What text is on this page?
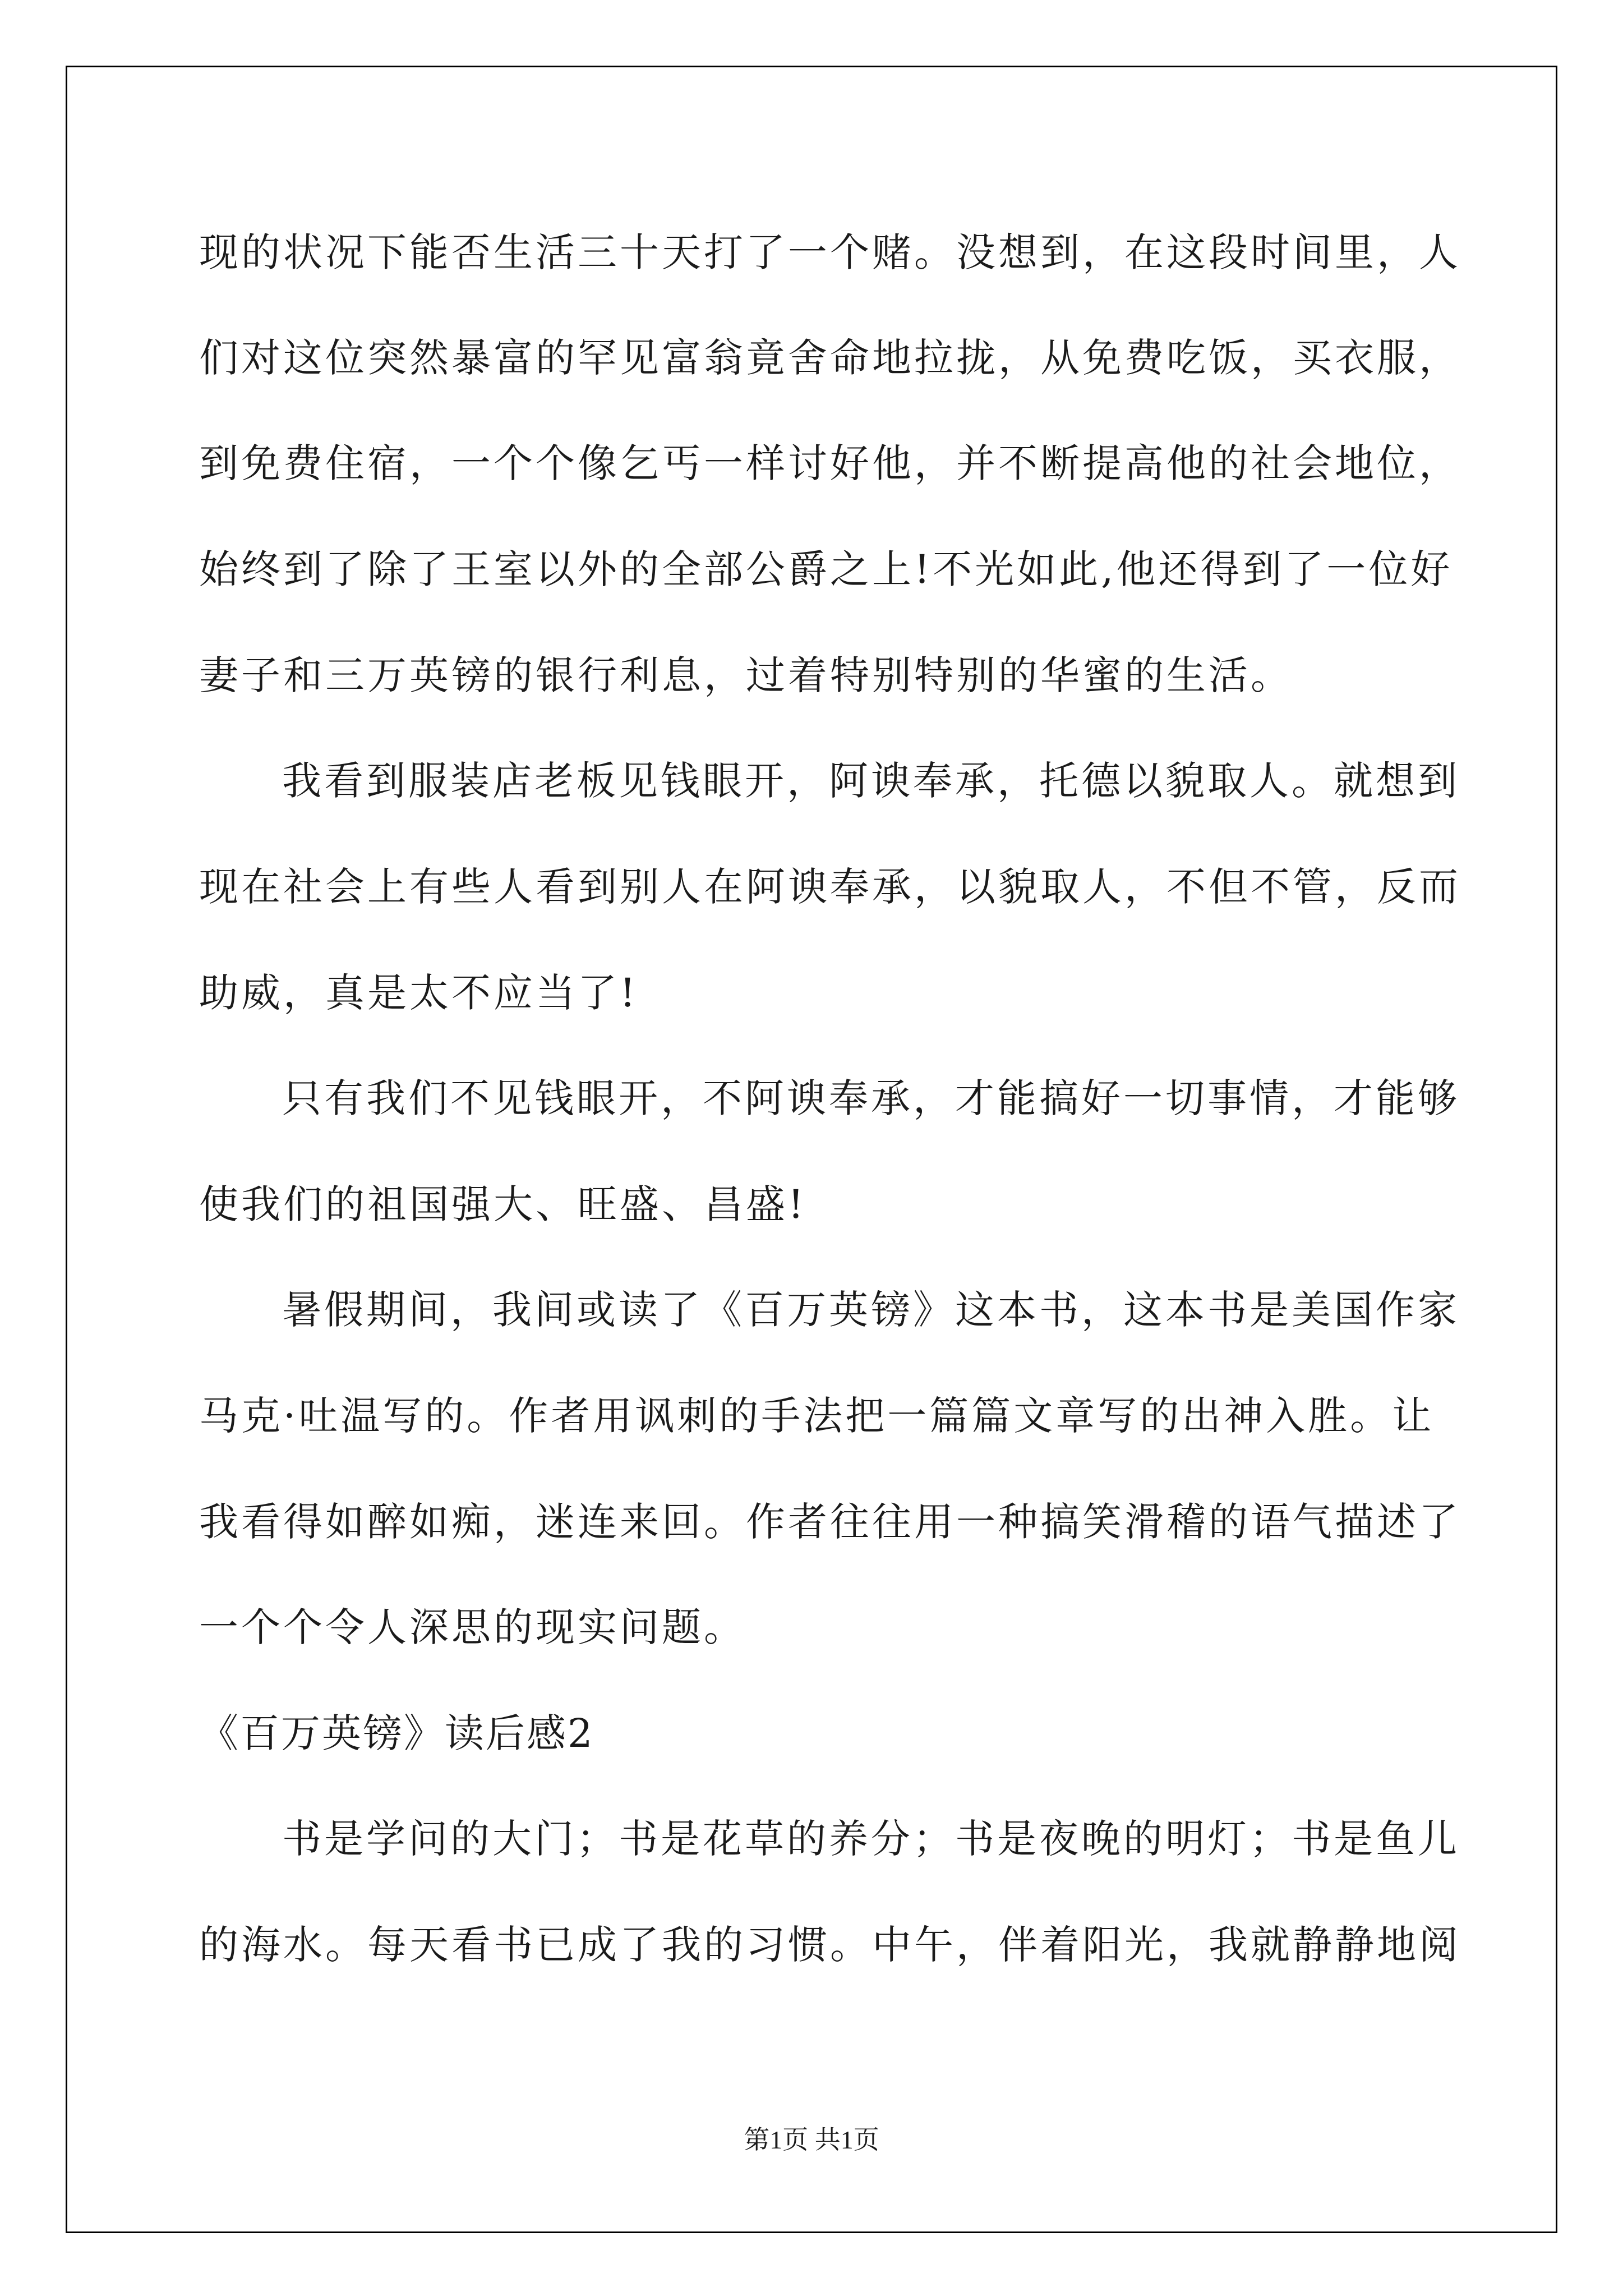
现的状况下能否生活三十天打了一个赌。没想到，在这段时间里，人
们对这位突然暴富的罕见富翁竟舍命地拉拢，从免费吃饭，买衣服，
到免费住宿，一个个像乞丐一样讨好他，并不断提高他的社会地位，
始终到了除了王室以外的全部公爵之上!不光如此,他还得到了一位好
妻子和三万英镑的银行利息，过着特别特别的华蜜的生活。
我看到服装店老板见钱眼开，阿谀奉承，托德以貌取人。就想到
现在社会上有些人看到别人在阿谀奉承，以貌取人，不但不管，反而
助威，真是太不应当了!
只有我们不见钱眼开，不阿谀奉承，才能搞好一切事情，才能够
使我们的祖国强大、旺盛、昌盛!
暑假期间，我间或读了《百万英镑》这本书，这本书是美国作家
马克·吐温写的。作者用讽刺的手法把一篇篇文章写的出神入胜。让
我看得如醉如痴，迷连来回。作者往往用一种搞笑滑稽的语气描述了
一个个令人深思的现实问题。
《百万英镑》读后感2
书是学问的大门；书是花草的养分；书是夜晚的明灯；书是鱼儿
的海水。每天看书已成了我的习惯。中午，伴着阳光，我就静静地阅
第1页 共1页
